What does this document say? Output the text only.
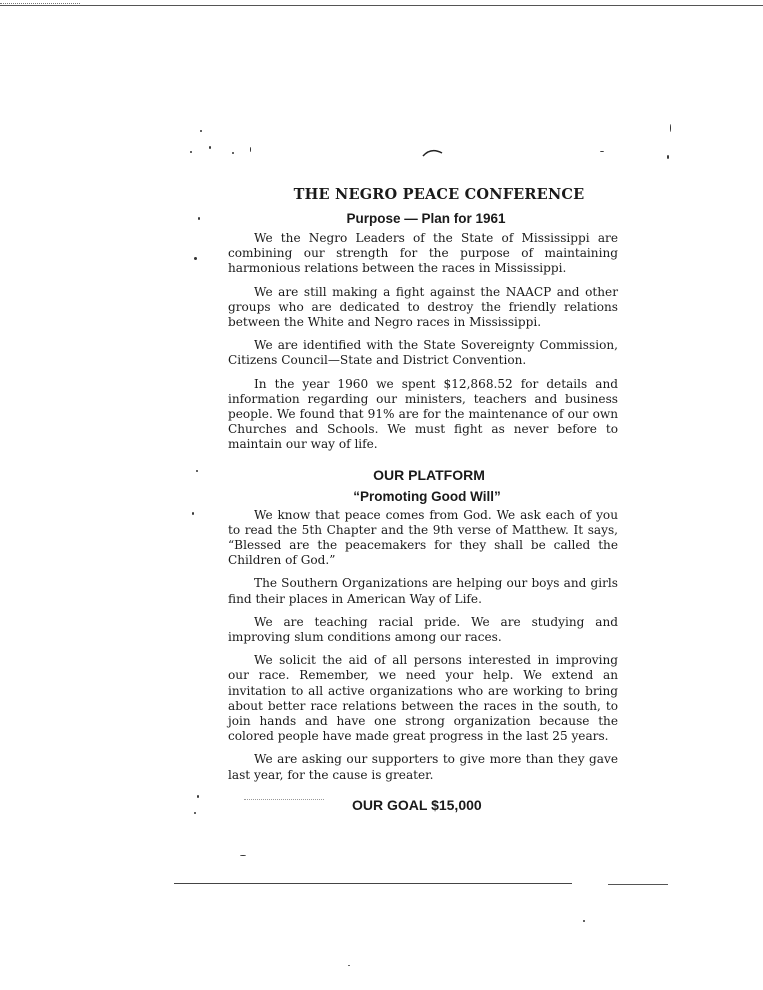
THE NEGRO PEACE CONFERENCE
Purpose — Plan for 1961

We the Negro Leaders of the State of Mississippi are combining our strength for the purpose of maintaining harmonious relations between the races in Mississippi.

We are still making a fight against the NAACP and other groups who are dedicated to destroy the friendly relations between the White and Negro races in Mississippi.

We are identified with the State Sovereignty Commission, Citizens Council—State and District Convention.

In the year 1960 we spent $12,868.52 for details and information regarding our ministers, teachers and business people. We found that 91% are for the maintenance of our own Churches and Schools. We must fight as never before to maintain our way of life.

OUR PLATFORM
“Promoting Good Will”

We know that peace comes from God. We ask each of you to read the 5th Chapter and the 9th verse of Matthew. It says, “Blessed are the peacemakers for they shall be called the Children of God.”

The Southern Organizations are helping our boys and girls find their places in American Way of Life.

We are teaching racial pride. We are studying and improving slum conditions among our races.

We solicit the aid of all persons interested in improving our race. Remember, we need your help. We extend an invitation to all active organizations who are working to bring about better race relations between the races in the south, to join hands and have one strong organization because the colored people have made great progress in the last 25 years.

We are asking our supporters to give more than they gave last year, for the cause is greater.

OUR GOAL $15,000
